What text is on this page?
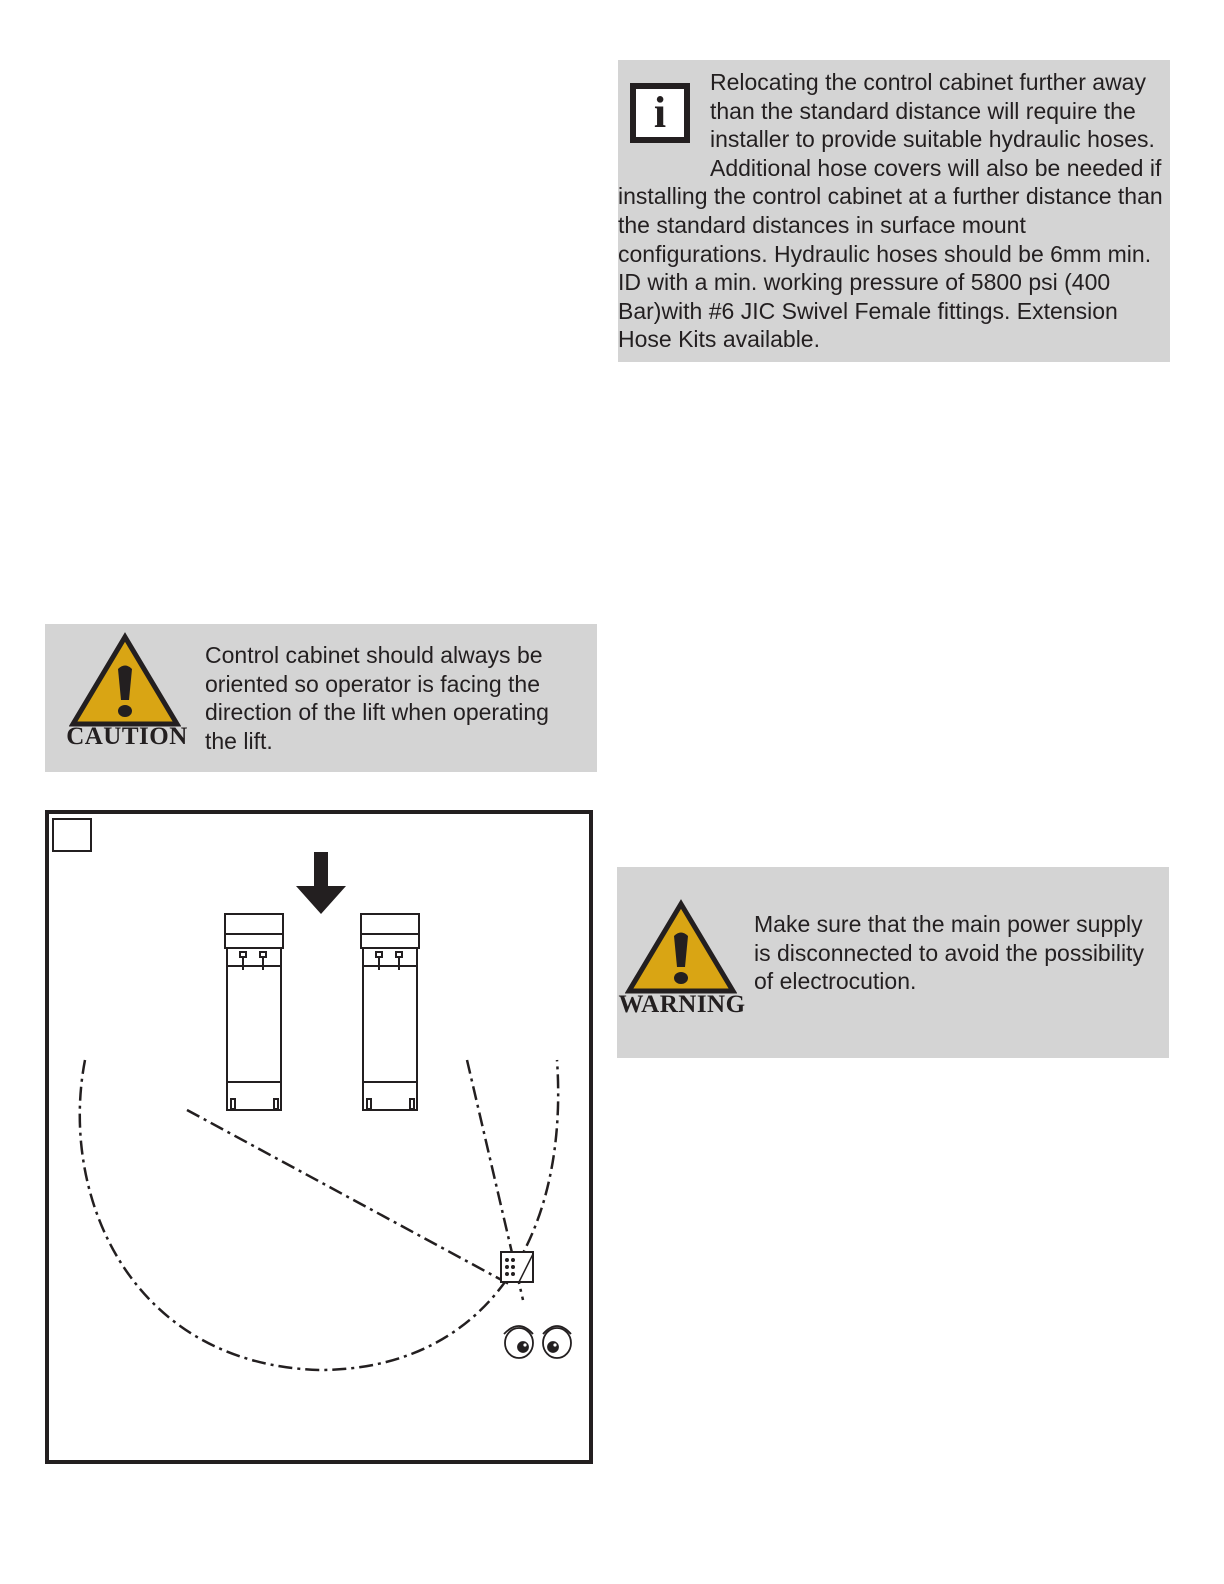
i

Relocating the control cabinet further away than the standard distance will require the installer to provide suitable hydraulic hoses. Additional hose covers will also be needed if installing the control cabinet at a further distance than the standard distances in surface mount configurations. Hydraulic hoses should be 6mm min. ID with a min. working pressure of 5800 psi (400 Bar)with #6 JIC Swivel Female fittings. Extension Hose Kits available.

CAUTION

Control cabinet should always be oriented so operator is facing the direction of the lift when operating the lift.

WARNING

Make sure that the main power supply is disconnected to avoid the possibility of electrocution.
